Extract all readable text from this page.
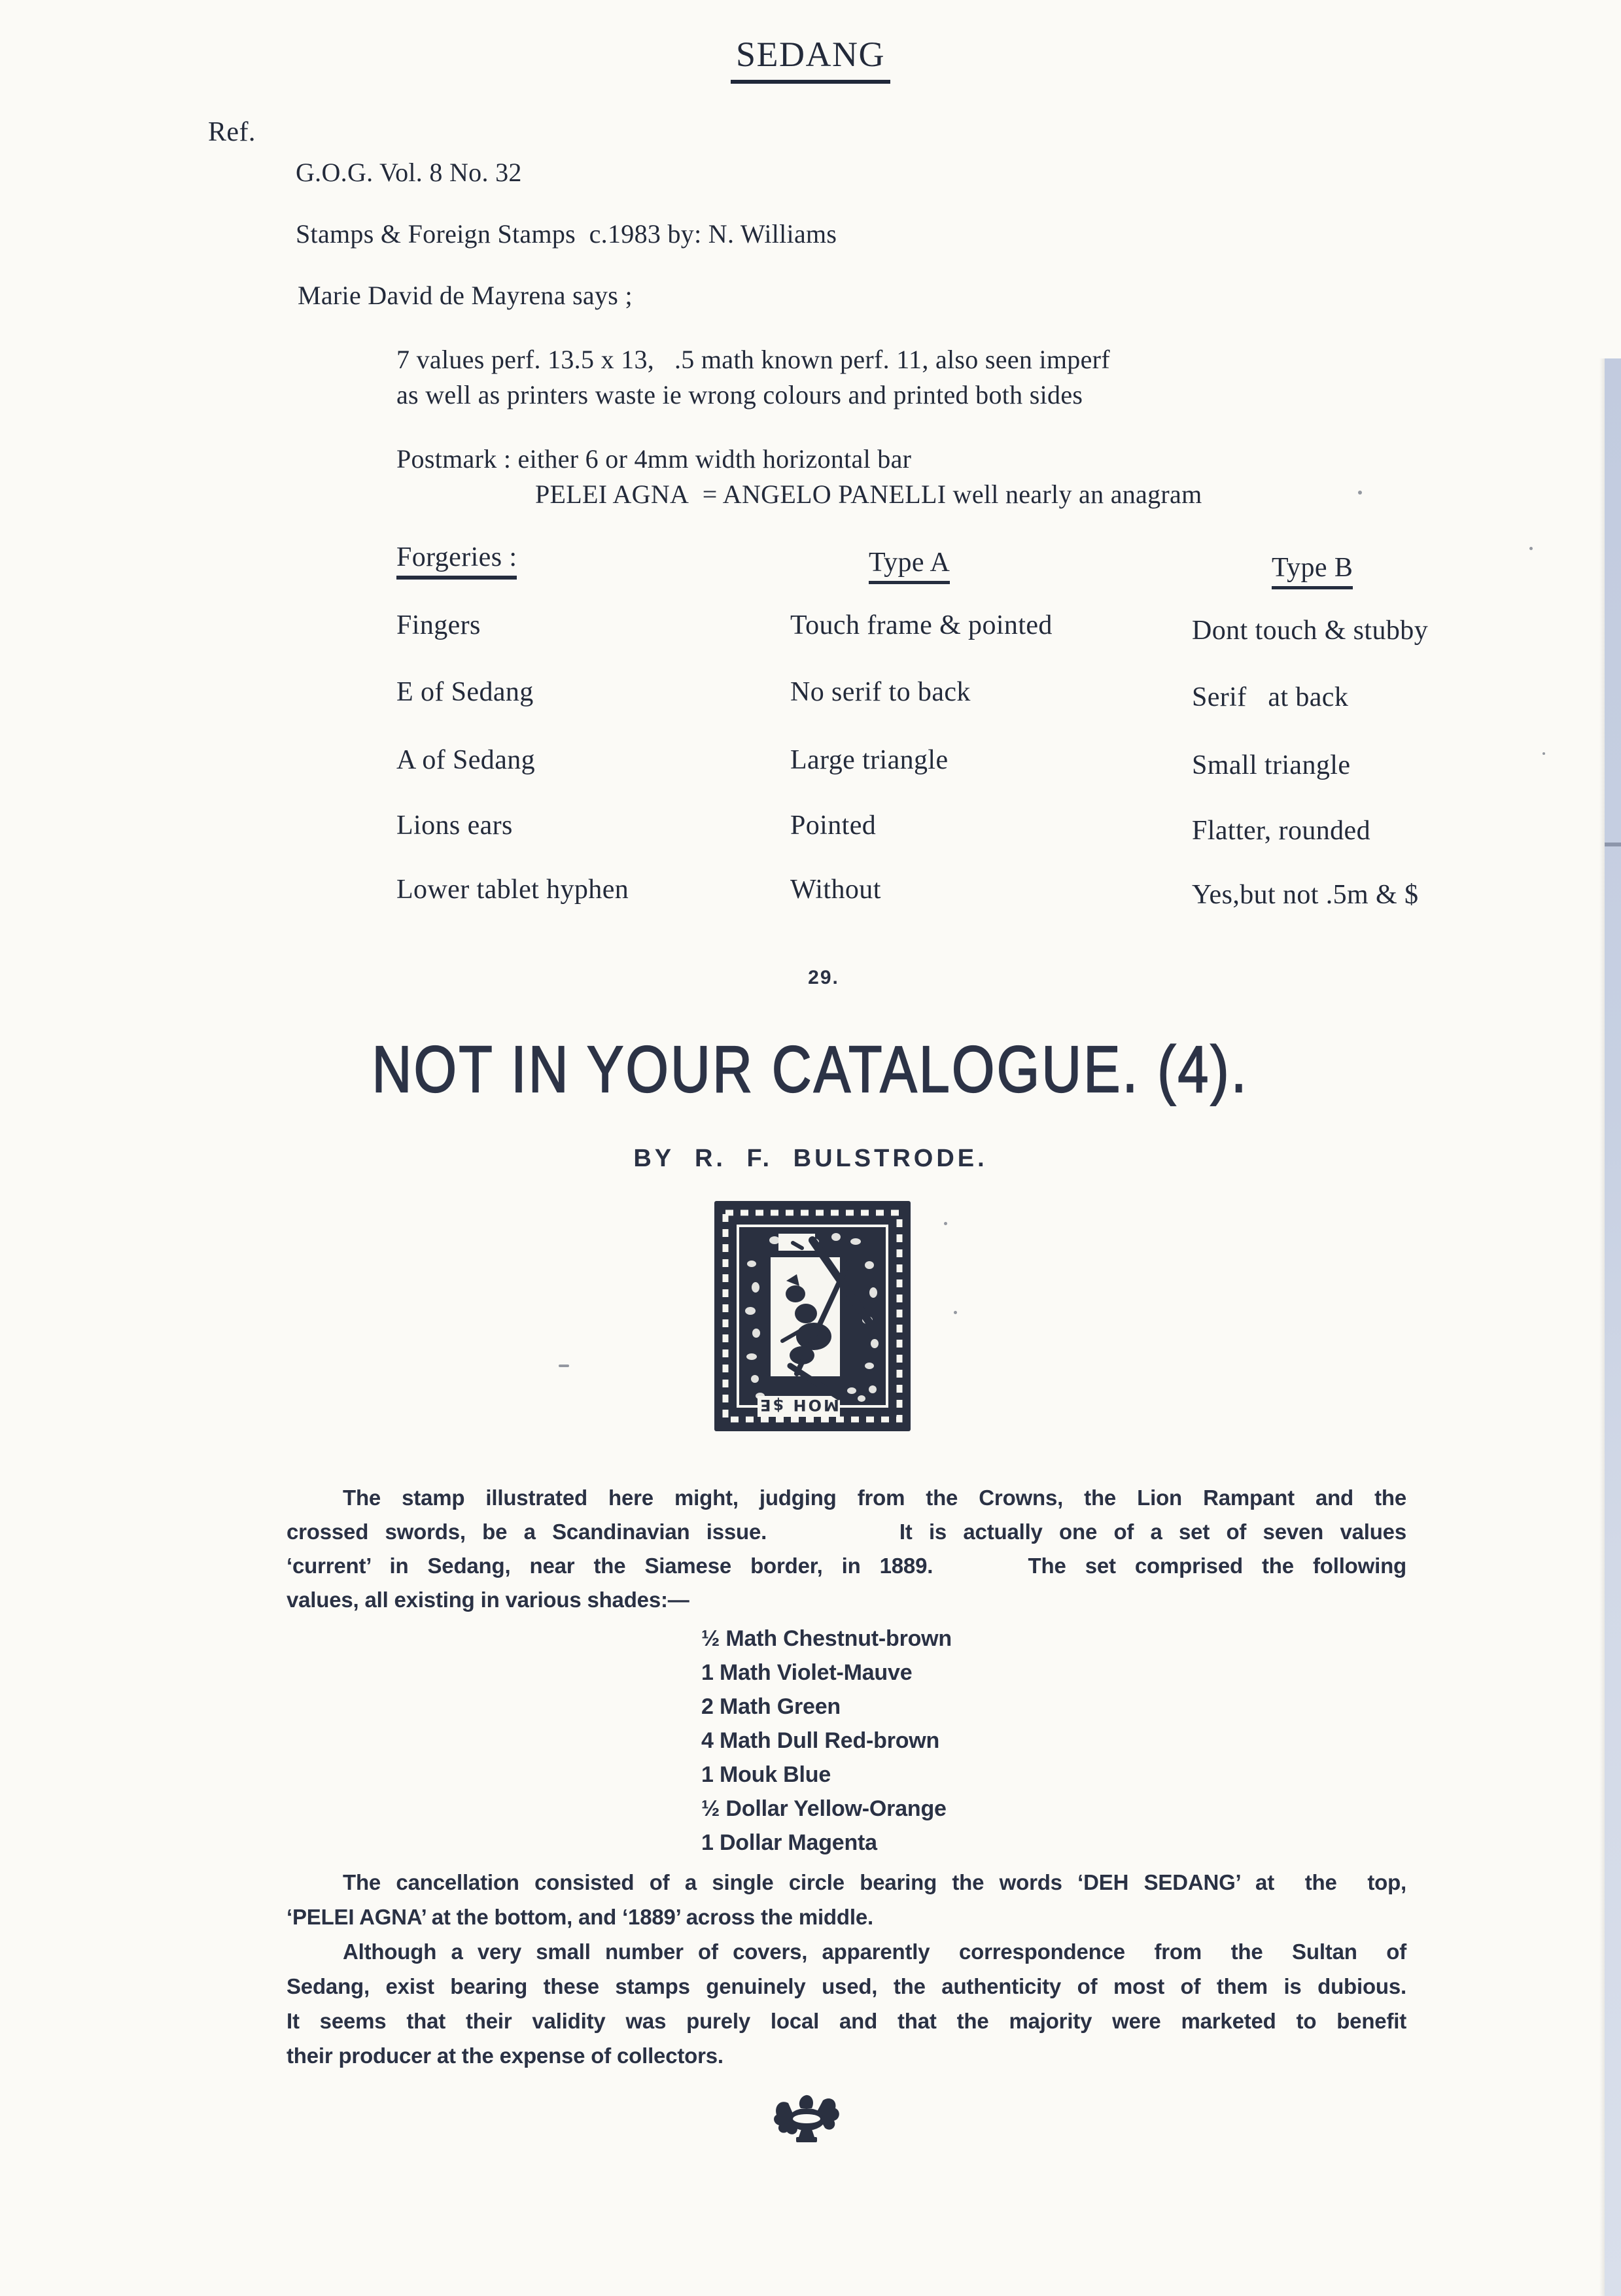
SEDANG
Ref.
G.O.G. Vol. 8 No. 32
Stamps & Foreign Stamps  c.1983 by: N. Williams
Marie David de Mayrena says ;
7 values perf. 13.5 x 13,   .5 math known perf. 11, also seen imperf
as well as printers waste ie wrong colours and printed both sides
Postmark : either 6 or 4mm width horizontal bar
PELEI AGNA  = ANGELO PANELLI well nearly an anagram
Forgeries :	Type A	Type B
Fingers	Touch frame & pointed	Dont touch & stubby
E of Sedang	No serif to back	Serif   at back
A of Sedang	Large triangle	Small triangle
Lions ears	Pointed	Flatter, rounded
Lower tablet hyphen	Without	Yes,but not .5m & $
29.
NOT IN YOUR CATALOGUE. (4).
BY R. F. BULSTRODE.
MOH $E
The stamp illustrated here might, judging from the Crowns, the Lion Rampant and the
crossed swords, be a Scandinavian issue.        It is actually one of a set of seven values
‘current’ in Sedang, near the Siamese border, in 1889.     The set comprised the following
values, all existing in various shades:—
½ Math Chestnut-brown
1 Math Violet-Mauve
2 Math Green
4 Math Dull Red-brown
1 Mouk Blue
½ Dollar Yellow-Orange
1 Dollar Magenta
The cancellation consisted of a single circle bearing the words ‘DEH SEDANG’ at  the  top,
‘PELEI AGNA’ at the bottom, and ‘1889’ across the middle.
Although a very small number of covers, apparently  correspondence  from  the  Sultan  of
Sedang, exist bearing these stamps genuinely used, the authenticity of most of them is dubious.
It seems that their validity was purely local and that the majority were marketed to benefit
their producer at the expense of collectors.
